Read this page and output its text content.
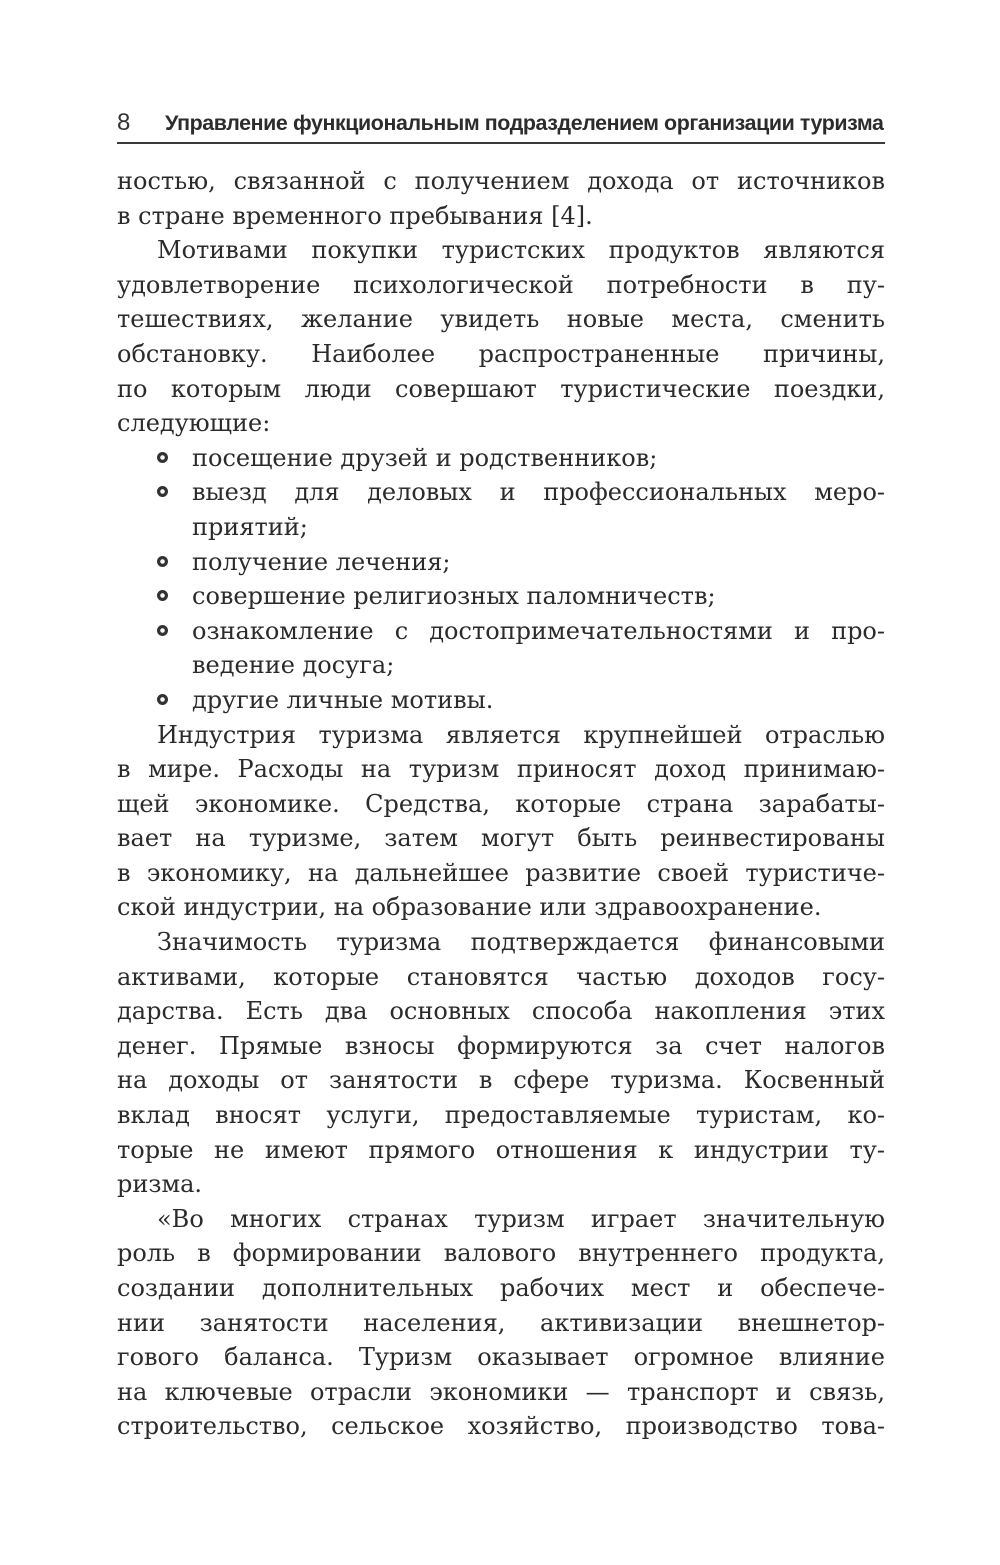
8 Управление функциональным подразделением организации туризма
ностью, связанной с получением дохода от источников
в стране временного пребывания [4].
Мотивами покупки туристских продуктов являются
удовлетворение психологической потребности в пу-
тешествиях, желание увидеть новые места, сменить
обстановку. Наиболее распространенные причины,
по которым люди совершают туристические поездки,
следующие:
посещение друзей и родственников;
выезд для деловых и профессиональных меро-
приятий;
получение лечения;
совершение религиозных паломничеств;
ознакомление с достопримечательностями и про-
ведение досуга;
другие личные мотивы.
Индустрия туризма является крупнейшей отраслью
в мире. Расходы на туризм приносят доход принимаю-
щей экономике. Средства, которые страна зарабаты-
вает на туризме, затем могут быть реинвестированы
в экономику, на дальнейшее развитие своей туристиче-
ской индустрии, на образование или здравоохранение.
Значимость туризма подтверждается финансовыми
активами, которые становятся частью доходов госу-
дарства. Есть два основных способа накопления этих
денег. Прямые взносы формируются за счет налогов
на доходы от занятости в сфере туризма. Косвенный
вклад вносят услуги, предоставляемые туристам, ко-
торые не имеют прямого отношения к индустрии ту-
ризма.
«Во многих странах туризм играет значительную
роль в формировании валового внутреннего продукта,
создании дополнительных рабочих мест и обеспече-
нии занятости населения, активизации внешнетор-
гового баланса. Туризм оказывает огромное влияние
на ключевые отрасли экономики — транспорт и связь,
строительство, сельское хозяйство, производство това-
